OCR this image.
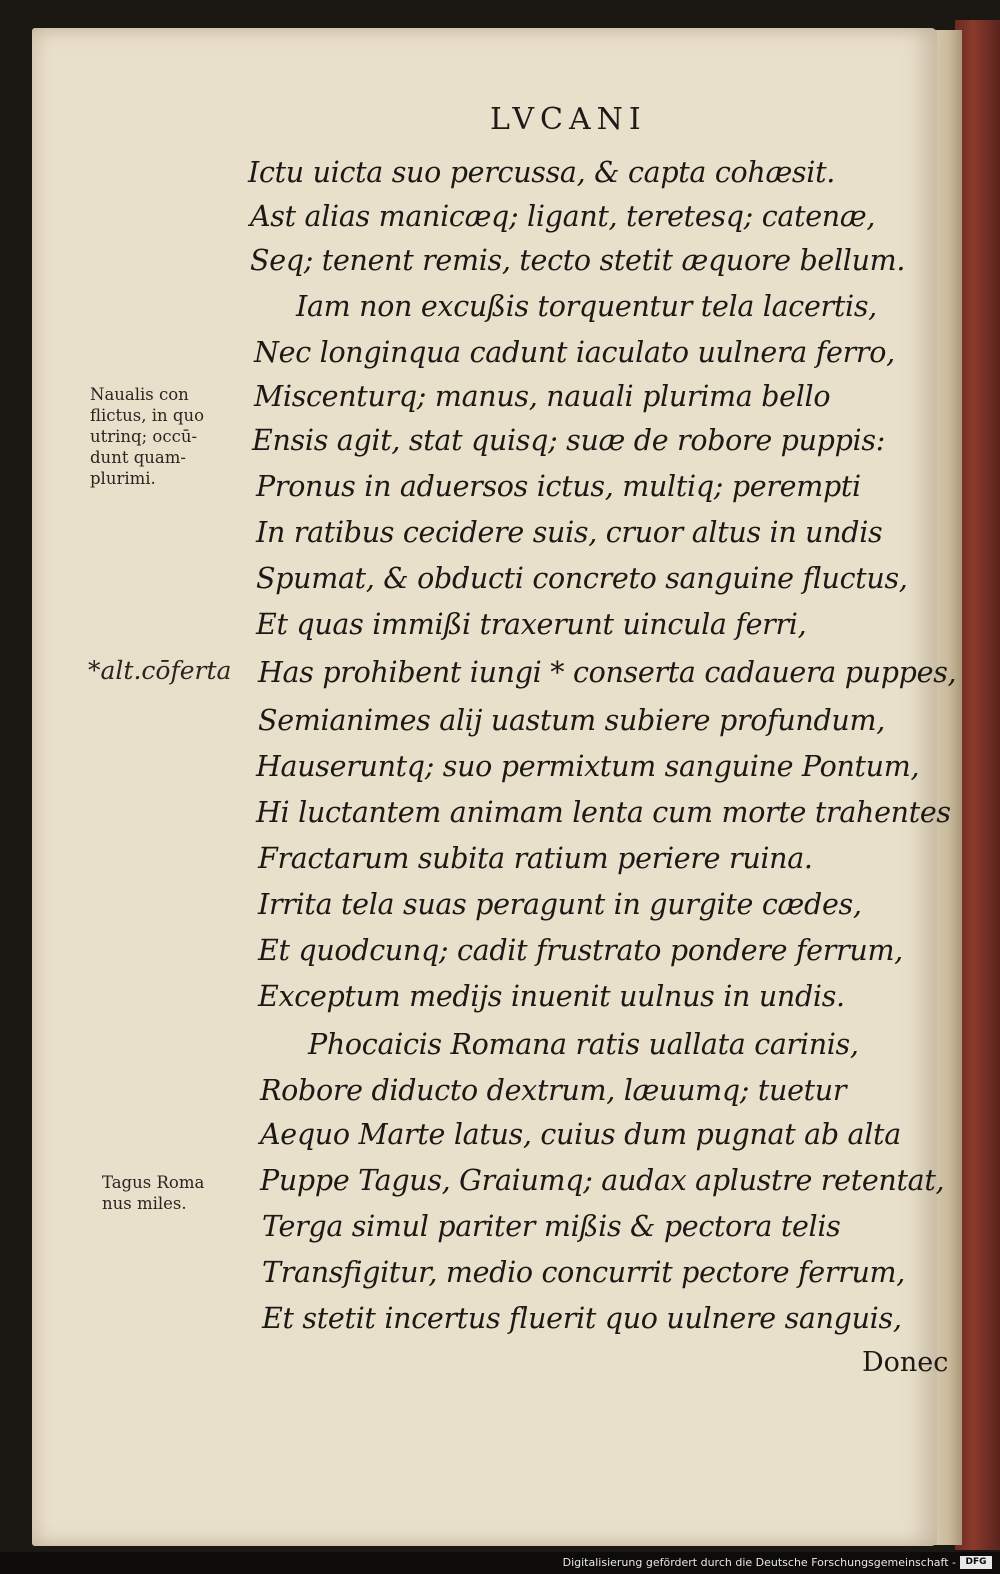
LVCANI
Ictu uicta suo percussa, & capta cohæsit.
Ast alias manicæq; ligant, teretesq; catenæ,
Seq; tenent remis, tecto stetit æquore bellum.
Iam non excußis torquentur tela lacertis,
Nec longinqua cadunt iaculato uulnera ferro,
Miscenturq; manus, nauali plurima bello
Ensis agit, stat quisq; suæ de robore puppis:
Pronus in aduersos ictus, multiq; perempti
In ratibus cecidere suis, cruor altus in undis
Spumat, & obducti concreto sanguine fluctus,
Et quas immißi traxerunt uincula ferri,
Has prohibent iungi * conserta cadauera puppes,
Semianimes alij uastum subiere profundum,
Hauseruntq; suo permixtum sanguine Pontum,
Hi luctantem animam lenta cum morte trahentes
Fractarum subita ratium periere ruina.
Irrita tela suas peragunt in gurgite cædes,
Et quodcunq; cadit frustrato pondere ferrum,
Exceptum medijs inuenit uulnus in undis.
Phocaicis Romana ratis uallata carinis,
Robore diducto dextrum, læuumq; tuetur
Aequo Marte latus, cuius dum pugnat ab alta
Puppe Tagus, Graiumq; audax aplustre retentat,
Terga simul pariter mißis & pectora telis
Transfigitur, medio concurrit pectore ferrum,
Et stetit incertus fluerit quo uulnere sanguis,
Naualis con
flictus, in quo
utrinq; occū-
dunt quam-
plurimi.
*alt.cōferta
Tagus Roma
nus miles.
Donec
Digitalisierung gefördert durch die Deutsche Forschungsgemeinschaft -	DFG
